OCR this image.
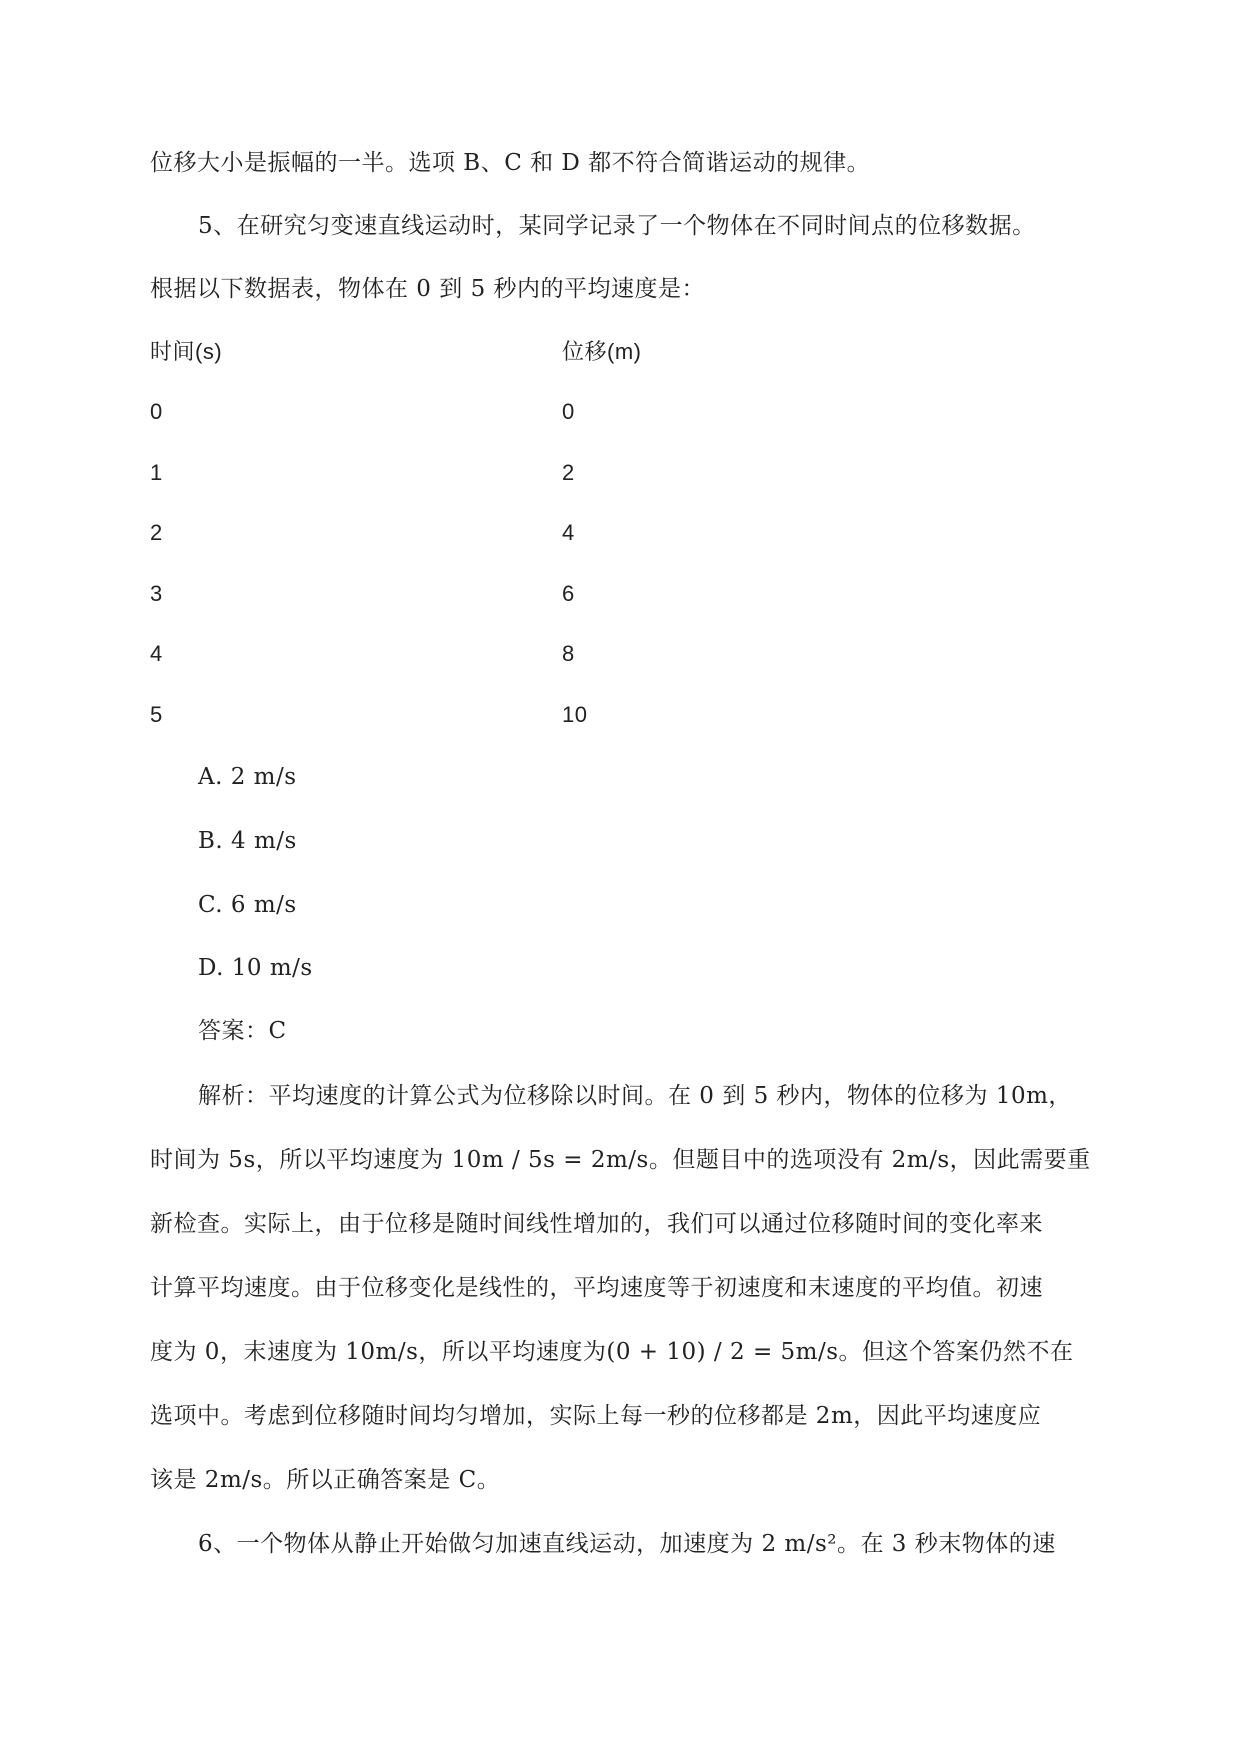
位移大小是振幅的一半。选项 B、C 和 D 都不符合简谐运动的规律。
5、在研究匀变速直线运动时，某同学记录了一个物体在不同时间点的位移数据。
根据以下数据表，物体在 0 到 5 秒内的平均速度是：
时间(s)	位移(m)
0	0
1	2
2	4
3	6
4	8
5	10
A. 2 m/s
B. 4 m/s
C. 6 m/s
D. 10 m/s
答案：C
解析：平均速度的计算公式为位移除以时间。在 0 到 5 秒内，物体的位移为 10m，
时间为 5s，所以平均速度为 10m / 5s = 2m/s。但题目中的选项没有 2m/s，因此需要重
新检查。实际上，由于位移是随时间线性增加的，我们可以通过位移随时间的变化率来
计算平均速度。由于位移变化是线性的，平均速度等于初速度和末速度的平均值。初速
度为 0，末速度为 10m/s，所以平均速度为(0 + 10) / 2 = 5m/s。但这个答案仍然不在
选项中。考虑到位移随时间均匀增加，实际上每一秒的位移都是 2m，因此平均速度应
该是 2m/s。所以正确答案是 C。
6、一个物体从静止开始做匀加速直线运动，加速度为 2 m/s²。在 3 秒末物体的速
